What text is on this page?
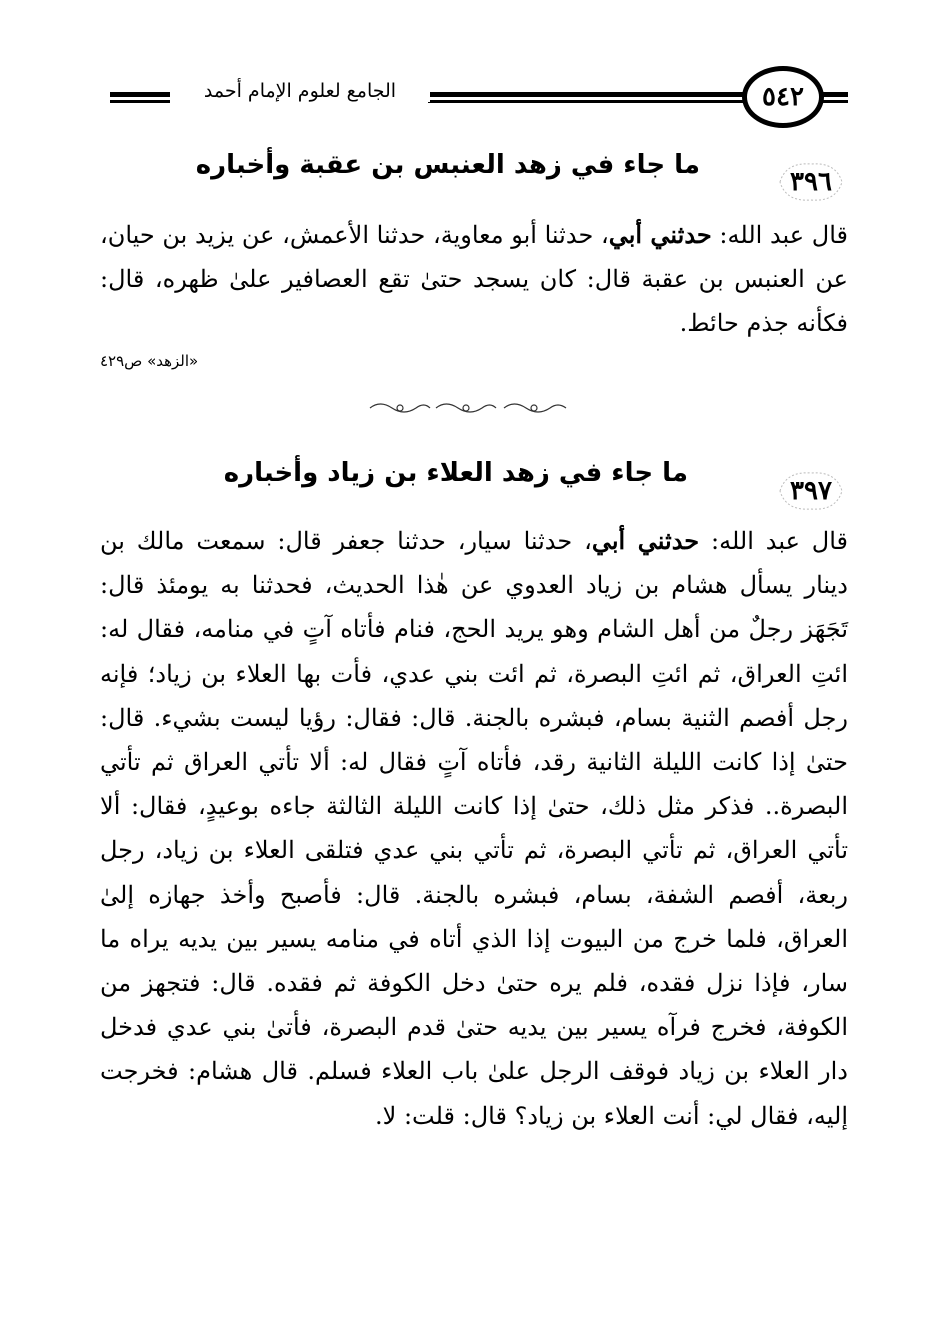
الجامع لعلوم الإمام أحمد	٥٤٢
٣٩٦
ما جاء في زهد العنبس بن عقبة وأخباره
قال عبد الله: حدثني أبي، حدثنا أبو معاوية، حدثنا الأعمش، عن يزيد بن حيان، عن العنبس بن عقبة قال: كان يسجد حتىٰ تقع العصافير علىٰ ظهره، قال: فكأنه جذم حائط.
«الزهد» ص٤٢٩
٣٩٧
ما جاء في زهد العلاء بن زياد وأخباره
قال عبد الله: حدثني أبي، حدثنا سيار، حدثنا جعفر قال: سمعت مالك بن دينار يسأل هشام بن زياد العدوي عن هٰذا الحديث، فحدثنا به يومئذ قال: تَجَهَز رجلٌ من أهل الشام وهو يريد الحج، فنام فأتاه آتٍ في منامه، فقال له: ائتِ العراق، ثم ائتِ البصرة، ثم ائت بني عدي، فأت بها العلاء بن زياد؛ فإنه رجل أفصم الثنية بسام، فبشره بالجنة. قال: فقال: رؤيا ليست بشيء. قال: حتىٰ إذا كانت الليلة الثانية رقد، فأتاه آتٍ فقال له: ألا تأتي العراق ثم تأتي البصرة.. فذكر مثل ذلك، حتىٰ إذا كانت الليلة الثالثة جاءه بوعيدٍ، فقال: ألا تأتي العراق، ثم تأتي البصرة، ثم تأتي بني عدي فتلقى العلاء بن زياد، رجل ربعة، أفصم الشفة، بسام، فبشره بالجنة. قال: فأصبح وأخذ جهازه إلىٰ العراق، فلما خرج من البيوت إذا الذي أتاه في منامه يسير بين يديه يراه ما سار، فإذا نزل فقده، فلم يره حتىٰ دخل الكوفة ثم فقده. قال: فتجهز من الكوفة، فخرج فرآه يسير بين يديه حتىٰ قدم البصرة، فأتىٰ بني عدي فدخل دار العلاء بن زياد فوقف الرجل علىٰ باب العلاء فسلم. قال هشام: فخرجت إليه، فقال لي: أنت العلاء بن زياد؟ قال: قلت: لا.
